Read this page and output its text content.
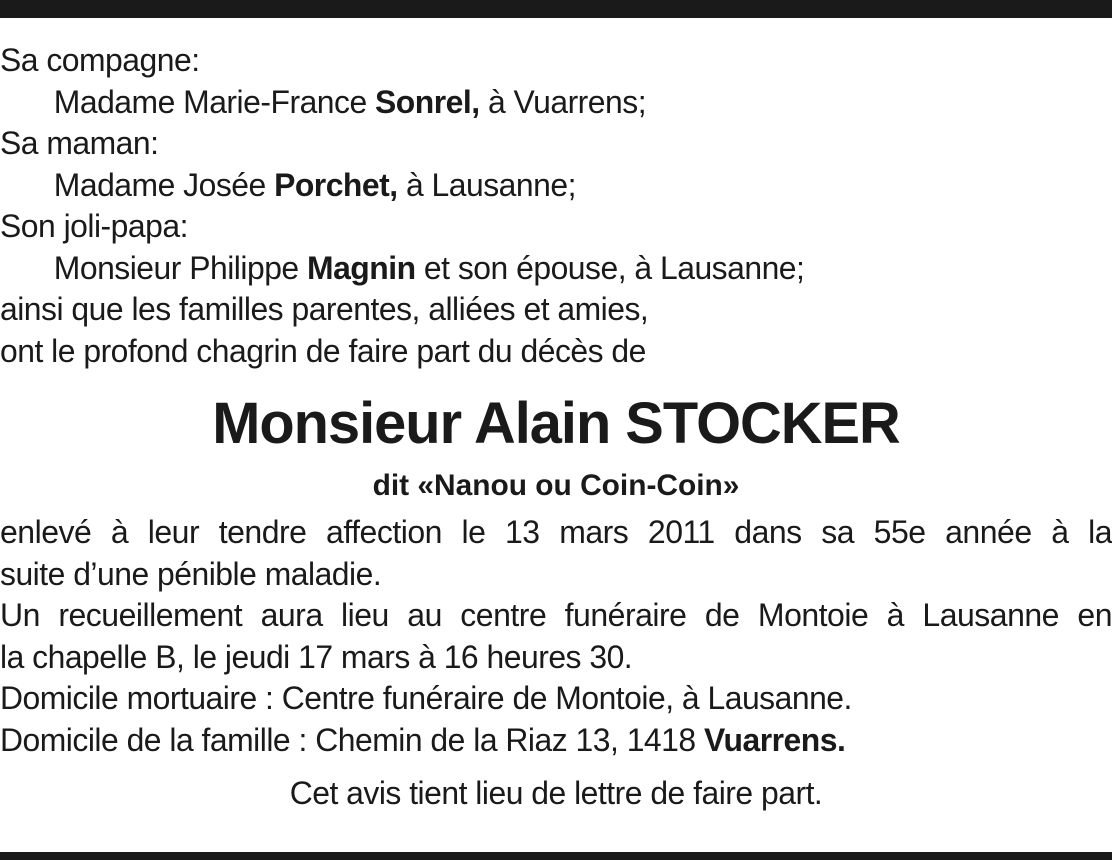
Sa compagne:
Madame Marie-France Sonrel, à Vuarrens;
Sa maman:
Madame Josée Porchet, à Lausanne;
Son joli-papa:
Monsieur Philippe Magnin et son épouse, à Lausanne;
ainsi que les familles parentes, alliées et amies,
ont le profond chagrin de faire part du décès de
Monsieur Alain STOCKER
dit «Nanou ou Coin-Coin»
enlevé à leur tendre affection le 13 mars 2011 dans sa 55e année à la
suite d’une pénible maladie.
Un recueillement aura lieu au centre funéraire de Montoie à Lausanne en
la chapelle B, le jeudi 17 mars à 16 heures 30.
Domicile mortuaire : Centre funéraire de Montoie, à Lausanne.
Domicile de la famille : Chemin de la Riaz 13, 1418 Vuarrens.
Cet avis tient lieu de lettre de faire part.
